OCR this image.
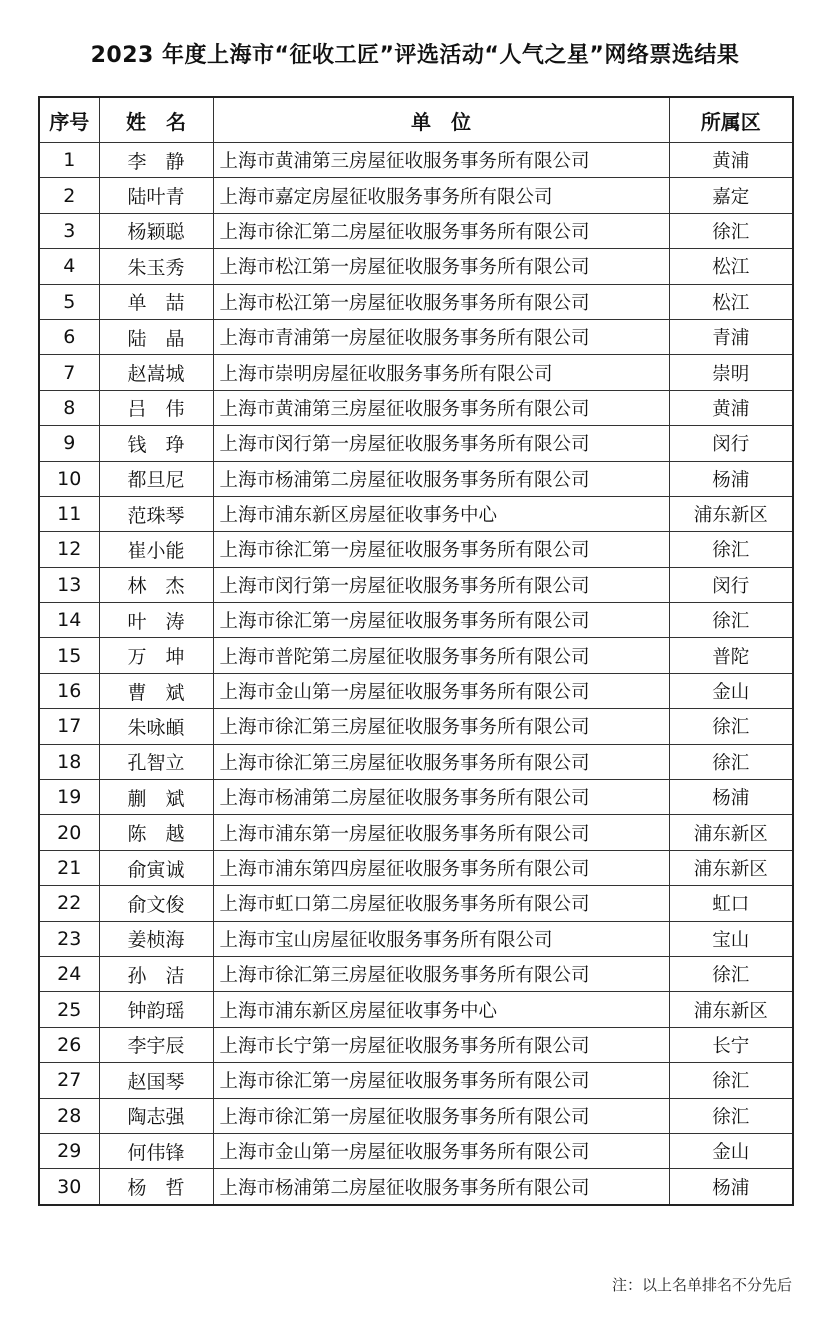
2023 年度上海市“征收工匠”评选活动“人气之星”网络票选结果
序号	姓　名	单　位	所属区
1	李　静	上海市黄浦第三房屋征收服务事务所有限公司	黄浦
2	陆叶青	上海市嘉定房屋征收服务事务所有限公司	嘉定
3	杨颖聪	上海市徐汇第二房屋征收服务事务所有限公司	徐汇
4	朱玉秀	上海市松江第一房屋征收服务事务所有限公司	松江
5	单　喆	上海市松江第一房屋征收服务事务所有限公司	松江
6	陆　晶	上海市青浦第一房屋征收服务事务所有限公司	青浦
7	赵嵩城	上海市崇明房屋征收服务事务所有限公司	崇明
8	吕　伟	上海市黄浦第三房屋征收服务事务所有限公司	黄浦
9	钱　琤	上海市闵行第一房屋征收服务事务所有限公司	闵行
10	都旦尼	上海市杨浦第二房屋征收服务事务所有限公司	杨浦
11	范珠琴	上海市浦东新区房屋征收事务中心	浦东新区
12	崔小能	上海市徐汇第一房屋征收服务事务所有限公司	徐汇
13	林　杰	上海市闵行第一房屋征收服务事务所有限公司	闵行
14	叶　涛	上海市徐汇第一房屋征收服务事务所有限公司	徐汇
15	万　坤	上海市普陀第二房屋征收服务事务所有限公司	普陀
16	曹　斌	上海市金山第一房屋征收服务事务所有限公司	金山
17	朱咏頔	上海市徐汇第三房屋征收服务事务所有限公司	徐汇
18	孔智立	上海市徐汇第三房屋征收服务事务所有限公司	徐汇
19	蒯　斌	上海市杨浦第二房屋征收服务事务所有限公司	杨浦
20	陈　越	上海市浦东第一房屋征收服务事务所有限公司	浦东新区
21	俞寅诚	上海市浦东第四房屋征收服务事务所有限公司	浦东新区
22	俞文俊	上海市虹口第二房屋征收服务事务所有限公司	虹口
23	姜桢海	上海市宝山房屋征收服务事务所有限公司	宝山
24	孙　洁	上海市徐汇第三房屋征收服务事务所有限公司	徐汇
25	钟韵瑶	上海市浦东新区房屋征收事务中心	浦东新区
26	李宇辰	上海市长宁第一房屋征收服务事务所有限公司	长宁
27	赵国琴	上海市徐汇第一房屋征收服务事务所有限公司	徐汇
28	陶志强	上海市徐汇第一房屋征收服务事务所有限公司	徐汇
29	何伟锋	上海市金山第一房屋征收服务事务所有限公司	金山
30	杨　哲	上海市杨浦第二房屋征收服务事务所有限公司	杨浦
注：以上名单排名不分先后
